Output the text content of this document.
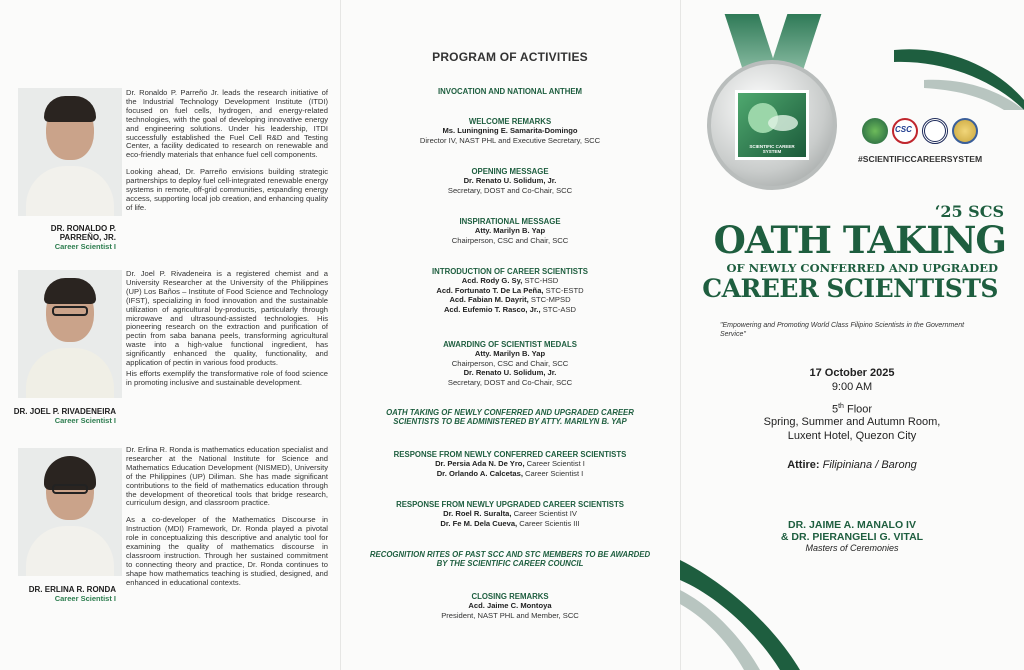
DR. RONALDO P.
PARREÑO, JR.
Career Scientist I

Dr. Ronaldo P. Parreño Jr. leads the research initiative of the Industrial Technology Development Institute (ITDI) focused on fuel cells, hydrogen, and energy-related technologies, with the goal of developing innovative energy and engineering solutions. Under his leadership, ITDI successfully established the Fuel Cell R&D and Testing Center, a facility dedicated to research on renewable and eco-friendly materials that enhance fuel cell components.

Looking ahead, Dr. Parreño envisions building strategic partnerships to deploy fuel cell-integrated renewable energy systems in remote, off-grid communities, expanding energy access, supporting local job creation, and enhancing quality of life.

DR. JOEL P. RIVADENEIRA
Career Scientist I

Dr. Joel P. Rivadeneira is a registered chemist and a University Researcher at the University of the Philippines (UP) Los Baños – Institute of Food Science and Technology (IFST), specializing in food innovation and the sustainable utilization of agricultural by-products, particularly through microwave and ultrasound-assisted technologies. His pioneering research on the extraction and purification of pectin from saba banana peels, transforming agricultural waste into a high-value functional ingredient, has significantly enhanced the quality, functionality, and application of pectin in various food products.

His efforts exemplify the transformative role of food science in promoting inclusive and sustainable development.

DR. ERLINA R. RONDA
Career Scientist I

Dr. Erlina R. Ronda is mathematics education specialist and researcher at the National Institute for Science and Mathematics Education Development (NISMED), University of the Philippines (UP) Diliman. She has made significant contributions to the field of mathematics education through the development of theoretical tools that bridge research, curriculum design, and classroom practice.

As a co-developer of the Mathematics Discourse in Instruction (MDI) Framework, Dr. Ronda played a pivotal role in conceptualizing this descriptive and analytic tool for examining the quality of mathematics discourse in classroom instruction. Through her sustained commitment to connecting theory and practice, Dr. Ronda continues to shape how mathematics teaching is studied, designed, and enhanced in educational contexts.

PROGRAM OF ACTIVITIES
INVOCATION AND NATIONAL ANTHEM
WELCOME REMARKS
Ms. Luningning E. Samarita-Domingo
Director IV, NAST PHL and Executive Secretary, SCC
OPENING MESSAGE
Dr. Renato U. Solidum, Jr.
Secretary, DOST and Co-Chair, SCC
INSPIRATIONAL MESSAGE
Atty. Marilyn B. Yap
Chairperson, CSC and Chair, SCC
INTRODUCTION OF CAREER SCIENTISTS
Acd. Rody G. Sy, STC-HSD
Acd. Fortunato T. De La Peña, STC-ESTD
Acd. Fabian M. Dayrit, STC-MPSD
Acd. Eufemio T. Rasco, Jr., STC-ASD
AWARDING OF SCIENTIST MEDALS
Atty. Marilyn B. Yap
Chairperson, CSC and Chair, SCC
Dr. Renato U. Solidum, Jr.
Secretary, DOST and Co-Chair, SCC
OATH TAKING OF NEWLY CONFERRED AND UPGRADED CAREER SCIENTISTS TO BE ADMINISTERED BY ATTY. MARILYN B. YAP
RESPONSE FROM NEWLY CONFERRED CAREER SCIENTISTS
Dr. Persia Ada N. De Yro, Career Scientist I
Dr. Orlando A. Calcetas, Career Scientist I
RESPONSE FROM NEWLY UPGRADED CAREER SCIENTISTS
Dr. Roel R. Suralta, Career Scientist IV
Dr. Fe M. Dela Cueva, Career Scientis III
RECOGNITION RITES OF PAST SCC AND STC MEMBERS TO BE AWARDED BY THE SCIENTIFIC CAREER COUNCIL
CLOSING REMARKS
Acd. Jaime C. Montoya
President, NAST PHL and Member, SCC
SCIENTIFIC CAREER SYSTEM
CSC
#SCIENTIFICCAREERSYSTEM
‘25 SCS
OATH TAKING
OF NEWLY CONFERRED AND UPGRADED
CAREER SCIENTISTS
"Empowering and Promoting World Class Filipino Scientists in the Government Service"
17 October 2025
9:00 AM
5th Floor
Spring, Summer and Autumn Room,
Luxent Hotel, Quezon City
Attire: Filipiniana / Barong
DR. JAIME A. MANALO IV
& DR. PIERANGELI G. VITAL
Masters of Ceremonies
